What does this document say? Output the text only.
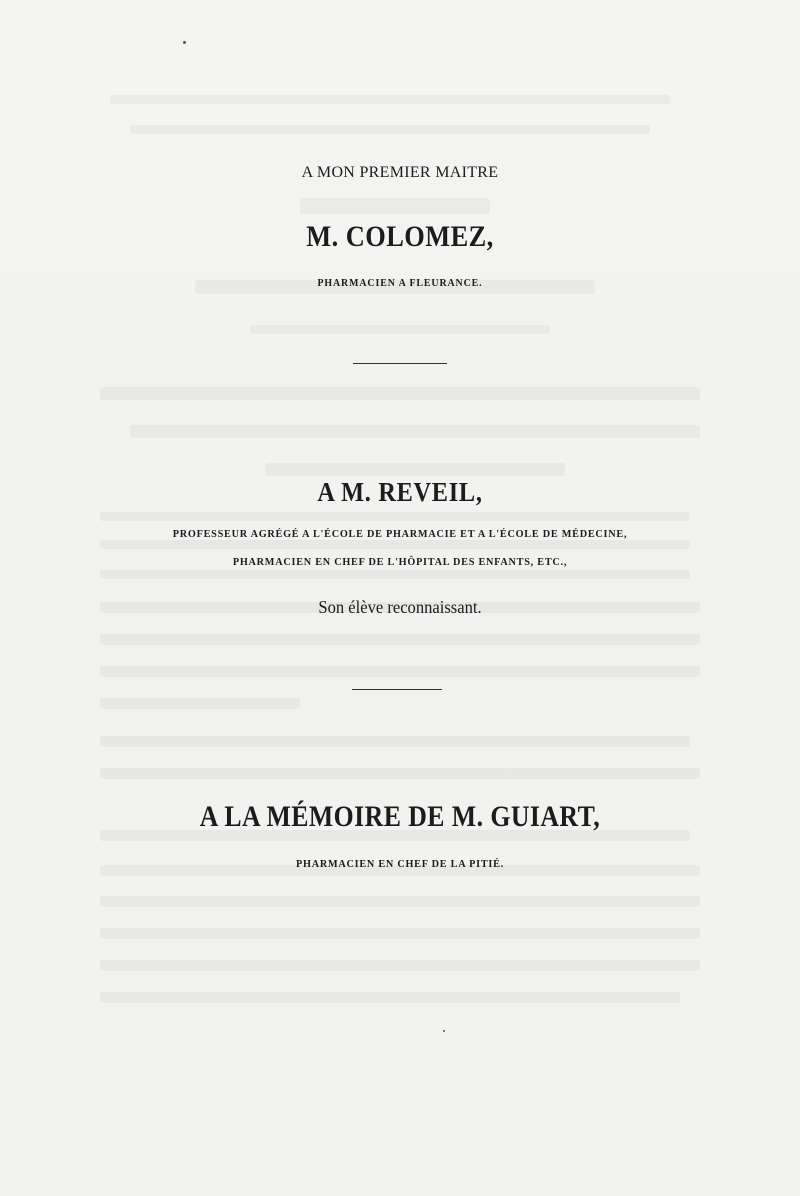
A MON PREMIER MAITRE
M. COLOMEZ,
PHARMACIEN A FLEURANCE.
A M. REVEIL,
PROFESSEUR AGRÉGÉ A L'ÉCOLE DE PHARMACIE ET A L'ÉCOLE DE MÉDECINE,
PHARMACIEN EN CHEF DE L'HÔPITAL DES ENFANTS, ETC.,
Son élève reconnaissant.
A LA MÉMOIRE DE M. GUIART,
PHARMACIEN EN CHEF DE LA PITIÉ.
